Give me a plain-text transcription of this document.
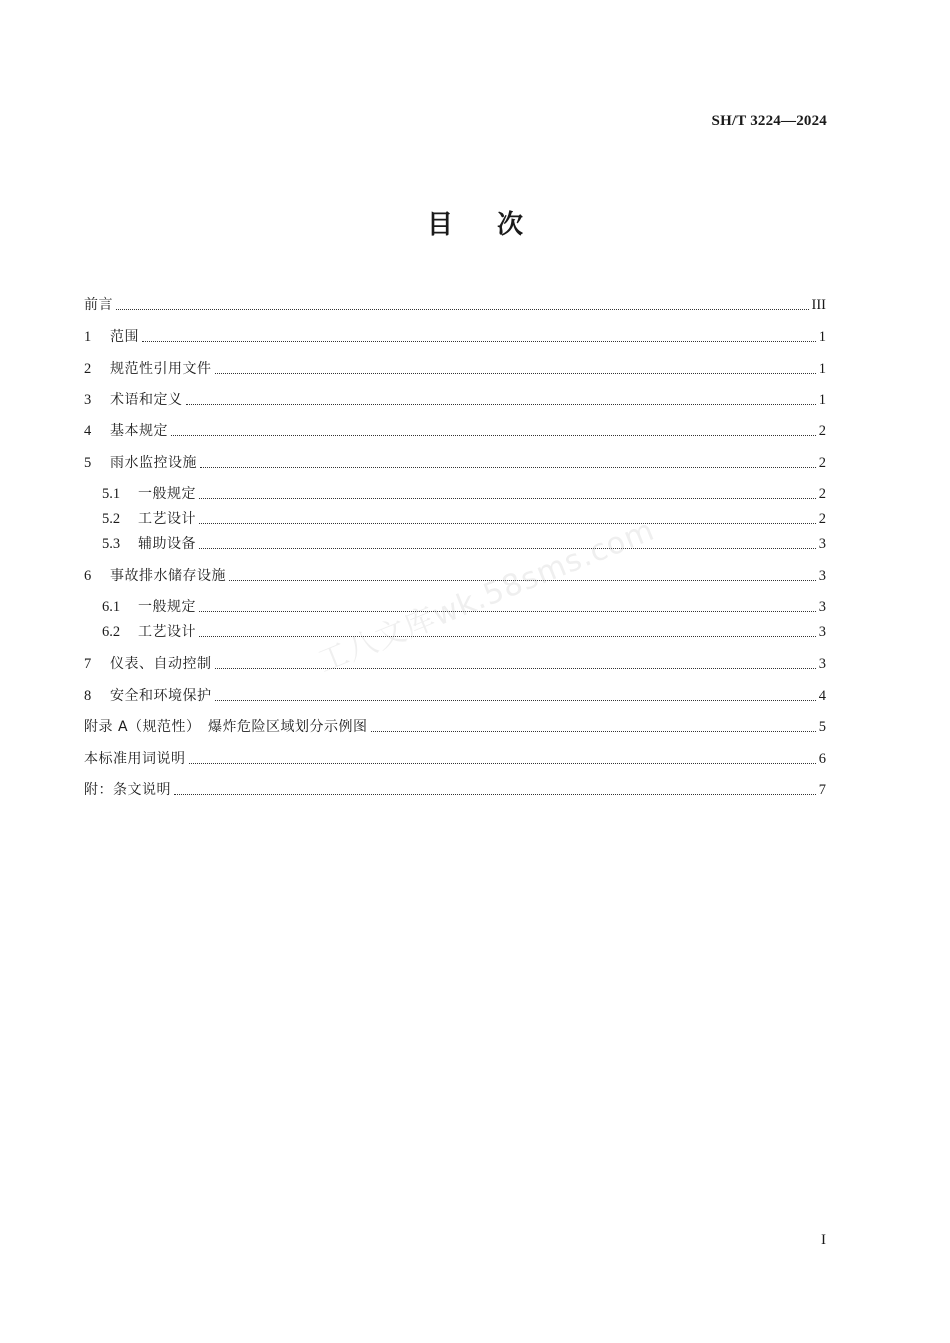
SH/T 3224—2024
目 次
前言	III
1	范围	1
2	规范性引用文件	1
3	术语和定义	1
4	基本规定	2
5	雨水监控设施	2
5.1 一般规定	2
5.2 工艺设计	2
5.3 辅助设备	3
6	事故排水储存设施	3
6.1 一般规定	3
6.2 工艺设计	3
7	仪表、自动控制	3
8	安全和环境保护	4
附录 A（规范性）　爆炸危险区域划分示例图	5
本标准用词说明	6
附：条文说明	7
工八文库wk.58sms.com
I
